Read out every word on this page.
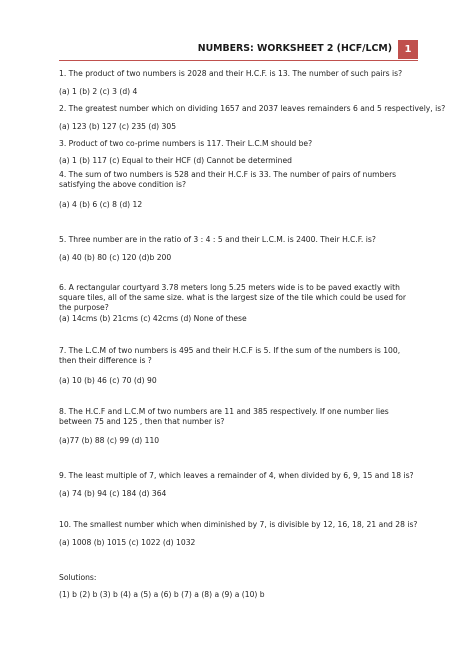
NUMBERS: WORKSHEET 2 (HCF/LCM)	1
1. The product of two numbers is 2028 and their H.C.F. is 13. The number of such pairs is?
(a) 1 (b) 2 (c) 3 (d) 4
2. The greatest number which on dividing 1657 and 2037 leaves remainders 6 and 5 respectively, is?
(a) 123 (b) 127 (c) 235 (d) 305
3. Product of two co-prime numbers is 117. Their L.C.M should be?
(a) 1 (b) 117 (c) Equal to their HCF (d) Cannot be determined
4. The sum of two numbers is 528 and their H.C.F is 33. The number of pairs of numbers satisfying the above condition is?
(a) 4 (b) 6 (c) 8 (d) 12
5. Three number are in the ratio of 3 : 4 : 5 and their L.C.M. is 2400. Their H.C.F. is?
(a) 40 (b) 80 (c) 120 (d)b 200
6. A rectangular courtyard 3.78 meters long 5.25 meters wide is to be paved exactly with square tiles, all of the same size. what is the largest size of the tile which could be used for the purpose?
(a) 14cms (b) 21cms (c) 42cms (d) None of these
7. The L.C.M of two numbers is 495 and their H.C.F is 5. If the sum of the numbers is 100, then their difference is ?
(a) 10 (b) 46 (c) 70 (d) 90
8. The H.C.F and L.C.M of two numbers are 11 and 385 respectively. If one number lies between 75 and 125 , then that number is?
(a)77 (b) 88 (c) 99 (d) 110
9. The least multiple of 7, which leaves a remainder of 4, when divided by 6, 9, 15 and 18 is?
(a) 74 (b) 94 (c) 184 (d) 364
10. The smallest number which when diminished by 7, is divisible by 12, 16, 18, 21 and 28 is?
(a) 1008 (b) 1015 (c) 1022 (d) 1032
Solutions:
(1) b (2) b (3) b (4) a (5) a (6) b (7) a (8) a (9) a (10) b
